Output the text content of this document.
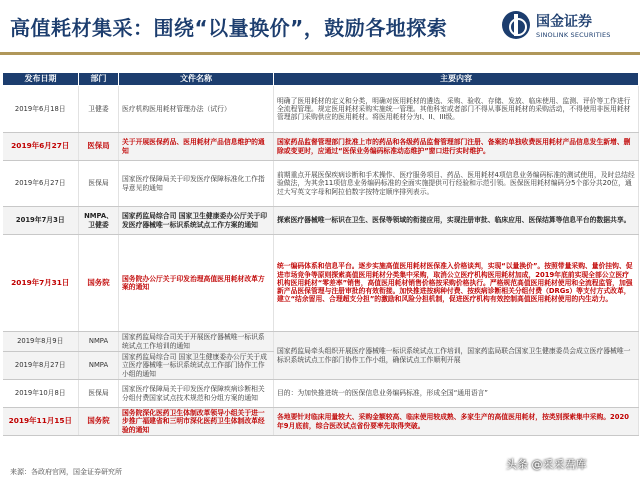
高值耗材集采：围绕“以量换价”，鼓励各地探索	国金证券
SINOLINK SECURITIES
发布日期	部门	文件名称	主要内容
2019年6月18日	卫健委	医疗机构医用耗材管理办法（试行）	明确了医用耗材的定义和分类，明确对医用耗材的遴选、采购、验收、存储、发放、临床使用、监测、评价等工作进行全流程管理。规定医用耗材采购实施统一管理。其他科室或者部门不得从事医用耗材的采购活动，不得使用非医用耗材管理部门采购供应的医用耗材。将医用耗材分为I、II、III级。
2019年6月27日	医保局	关于开展医保药品、医用耗材产品信息维护的通知	国家药品监督管理部门批准上市的药品和各级药品监督管理部门注册、备案的单独收费医用耗材产品信息发生新增、删除或变更时，应通过“医保业务编码标准动态维护”窗口进行实时维护。
2019年6月27日	医保局	国家医疗保障局关于印发医疗保障标准化工作指导意见的通知	前期重点开展医保疾病诊断和手术操作、医疗服务项目、药品、医用耗材4项信息业务编码标准的测试使用，及时总结经验做法，为其余11项信息业务编码标准的全面实施提供可行经验和示范引领。医保医用耗材编码分5个部分共20位，通过大写英文字母和阿拉伯数字按特定顺序排列表示。
2019年7月3日	NMPA、卫健委	国家药监局综合司 国家卫生健康委办公厅关于印发医疗器械唯一标识系统试点工作方案的通知	探索医疗器械唯一标识在卫生、医保等领域的衔接应用，实现注册审批、临床应用、医保结算等信息平台的数据共享。
2019年7月31日	国务院	国务院办公厅关于印发治理高值医用耗材改革方案的通知	统一编码体系和信息平台。逐步实施高值医用耗材医保准入价格谈判，实现“以量换价”。按照带量采购、量价挂钩、促进市场竞争等原则探索高值医用耗材分类集中采购，取消公立医疗机构医用耗材加成，2019年底前实现全部公立医疗机构医用耗材“零差率”销售，高值医用耗材销售价格按采购价格执行。严格规范高值医用耗材使用和全流程监管，加强新产品医保管理与注册审批的有效衔接。加快推进按病种付费、按疾病诊断相关分组付费（DRGs）等支付方式改革，建立“结余留用、合理超支分担”的激励和风险分担机制，促进医疗机构有效控制高值医用耗材使用的内生动力。
2019年8月9日	NMPA	国家药监局综合司关于开展医疗器械唯一标识系统试点工作培训的通知	国家药监局牵头组织开展医疗器械唯一标识系统试点工作培训，国家药监局联合国家卫生健康委员会成立医疗器械唯一标识系统试点工作部门协作工作小组，确保试点工作顺利开展
2019年8月27日	NMPA	国家药监局综合司 国家卫生健康委办公厅关于成立医疗器械唯一标识系统试点工作部门协作工作小组的通知	
2019年10月8日	医保局	国家医疗保障局关于印发医疗保障疾病诊断相关分组付费国家试点技术规范和分组方案的通知	目的：为加快推进统一的医保信息业务编码标准，形成全国“通用语言”
2019年11月15日	国务院	国务院深化医药卫生体制改革领导小组关于进一步推广福建省和三明市深化医药卫生体制改革经验的通知	各地要针对临床用量较大、采购金额较高、临床使用较成熟、多家生产的高值医用耗材，按类别探索集中采购。2020年9月底前，综合医改试点省份要率先取得突破。
来源：各政府官网，国金证券研究所
头条 @采采君库
